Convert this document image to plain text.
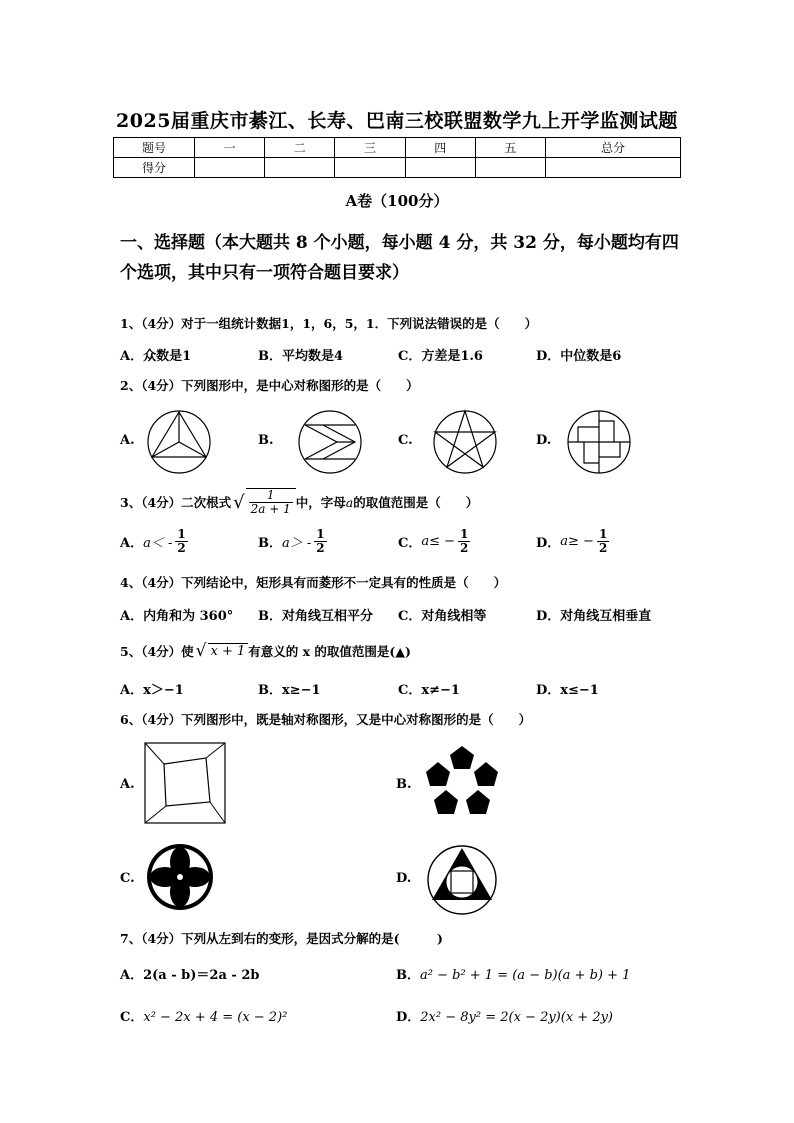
2025届重庆市綦江、长寿、巴南三校联盟数学九上开学监测试题
题号	一	二	三	四	五	总分
得分						
A卷（100分）
一、选择题（本大题共 8 个小题，每小题 4 分，共 32 分，每小题均有四个选项，其中只有一项符合题目要求）
1、（4分）对于一组统计数据1，1，6，5，1．下列说法错误的是（　　）
A．众数是1	B．平均数是4	C．方差是1.6	D．中位数是6
2、（4分）下列图形中，是中心对称图形的是（　　）
A.	B.	C.	D.
3、（4分）二次根式 √ $\frac{1}{2a + 1}$ 中，字母 a 的取值范围是（　　）
A． $a< - \frac{1}{2}$	B． $a> - \frac{1}{2}$	C． $a\le - \frac{1}{2}$	D． $a\ge - \frac{1}{2}$
4、（4分）下列结论中，矩形具有而菱形不一定具有的性质是（　　）
A．内角和为 360° B．对角线互相平分 C．对角线相等	D．对角线互相垂直
5、（4分）使 √ x + 1 有意义的 x 的取值范围是(▲)
A．x＞−1	B．x≥−1	C．x≠−1	D．x≤−1
6、（4分）下列图形中，既是轴对称图形，又是中心对称图形的是（　　）
A.	B.
C.	D.
7、（4分）下列从左到右的变形，是因式分解的是(　　　)
A．2(a - b)＝2a - 2b	B．a² − b² + 1 = (a − b)(a + b) + 1
C．x² − 2x + 4 = (x − 2)²	D．2x² − 8y² = 2(x − 2y)(x + 2y)
